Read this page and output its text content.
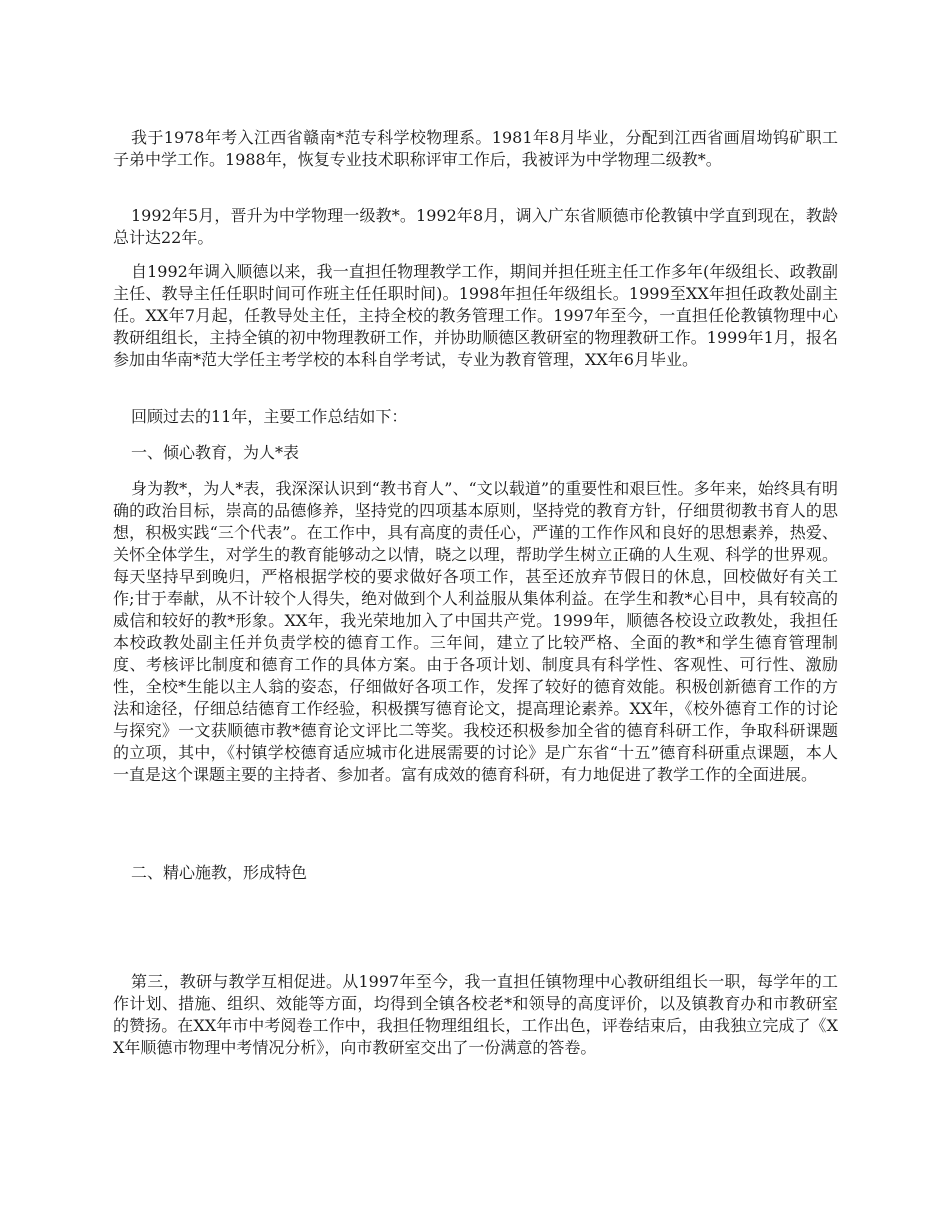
我于1978年考入江西省赣南*范专科学校物理系。1981年8月毕业，分配到江西省画眉坳钨矿职工子弟中学工作。1988年，恢复专业技术职称评审工作后，我被评为中学物理二级教*。

1992年5月，晋升为中学物理一级教*。1992年8月，调入广东省顺德市伦教镇中学直到现在，教龄总计达22年。

自1992年调入顺德以来，我一直担任物理教学工作，期间并担任班主任工作多年(年级组长、政教副主任、教导主任任职时间可作班主任任职时间)。1998年担任年级组长。1999至XX年担任政教处副主任。XX年7月起，任教导处主任，主持全校的教务管理工作。1997年至今，一直担任伦教镇物理中心教研组组长，主持全镇的初中物理教研工作，并协助顺德区教研室的物理教研工作。1999年1月，报名参加由华南*范大学任主考学校的本科自学考试，专业为教育管理，XX年6月毕业。

回顾过去的11年，主要工作总结如下：

一、倾心教育，为人*表

身为教*，为人*表，我深深认识到“教书育人”、“文以载道”的重要性和艰巨性。多年来，始终具有明确的政治目标，崇高的品德修养，坚持党的四项基本原则，坚持党的教育方针，仔细贯彻教书育人的思想，积极实践“三个代表”。在工作中，具有高度的责任心，严谨的工作作风和良好的思想素养，热爱、关怀全体学生，对学生的教育能够动之以情，晓之以理，帮助学生树立正确的人生观、科学的世界观。每天坚持早到晚归，严格根据学校的要求做好各项工作，甚至还放弃节假日的休息，回校做好有关工作;甘于奉献，从不计较个人得失，绝对做到个人利益服从集体利益。在学生和教*心目中，具有较高的威信和较好的教*形象。XX年，我光荣地加入了中国共产党。1999年，顺德各校设立政教处，我担任本校政教处副主任并负责学校的德育工作。三年间，建立了比较严格、全面的教*和学生德育管理制度、考核评比制度和德育工作的具体方案。由于各项计划、制度具有科学性、客观性、可行性、激励性，全校*生能以主人翁的姿态，仔细做好各项工作，发挥了较好的德育效能。积极创新德育工作的方法和途径，仔细总结德育工作经验，积极撰写德育论文，提高理论素养。XX年，《校外德育工作的讨论与探究》一文获顺德市教*德育论文评比二等奖。我校还积极参加全省的德育科研工作，争取科研课题的立项，其中，《村镇学校德育适应城市化进展需要的讨论》是广东省“十五”德育科研重点课题，本人一直是这个课题主要的主持者、参加者。富有成效的德育科研，有力地促进了教学工作的全面进展。

二、精心施教，形成特色

第三，教研与教学互相促进。从1997年至今，我一直担任镇物理中心教研组组长一职，每学年的工作计划、措施、组织、效能等方面，均得到全镇各校老*和领导的高度评价，以及镇教育办和市教研室的赞扬。在XX年市中考阅卷工作中，我担任物理组组长，工作出色，评卷结束后，由我独立完成了《XX年顺德市物理中考情况分析》，向市教研室交出了一份满意的答卷。
